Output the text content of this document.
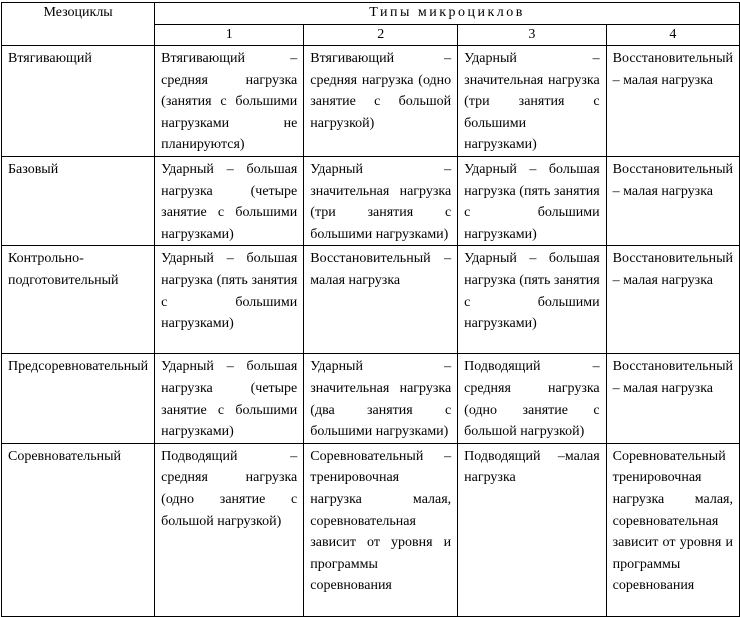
Мезоциклы	Типы микроциклов			
	1	2	3	4
Втягивающий	Втягивающий – средняя нагрузка (занятия с большими нагрузками не планируются)	Втягивающий – средняя нагрузка (одно занятие с большой нагрузкой)	Ударный – значительная нагрузка (три занятия с большими нагрузками)	Восстановительный – малая нагрузка
Базовый	Ударный – большая нагрузка (четыре занятие с большими нагрузками)	Ударный – значительная нагрузка (три занятия с большими нагрузками)	Ударный – большая нагрузка (пять занятия с большими нагрузками)	Восстановительный – малая нагрузка
Контрольно-подготовительный	Ударный – большая нагрузка (пять занятия с большими нагрузками)	Восстановительный – малая нагрузка	Ударный – большая нагрузка (пять занятия с большими нагрузками)	Восстановительный – малая нагрузка
Предсоревновательный	Ударный – большая нагрузка (четыре занятие с большими нагрузками)	Ударный – значительная нагрузка (два занятия с большими нагрузками)	Подводящий – средняя нагрузка (одно занятие с большой нагрузкой)	Восстановительный – малая нагрузка
Соревновательный	Подводящий – средняя нагрузка (одно занятие с большой нагрузкой)	Соревновательный – тренировочная нагрузка малая, соревновательная зависит от уровня и программы соревнования	Подводящий –малая нагрузка	Соревновательный тренировочная нагрузка малая, соревновательная зависит от уровня и программы соревнования
